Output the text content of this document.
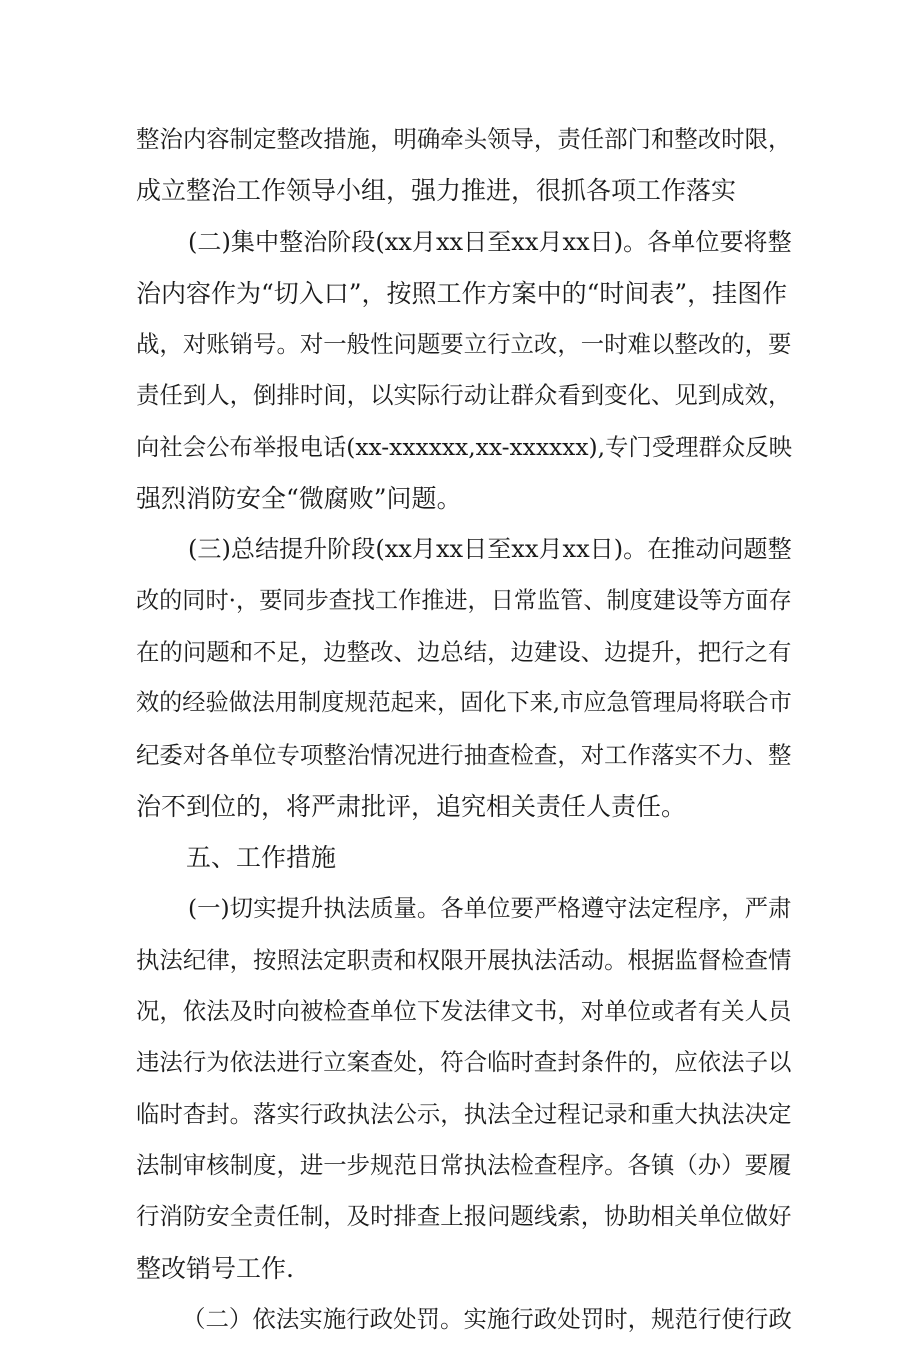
整治内容制定整改措施，明确牵头领导，责任部门和整改时限，
成立整治工作领导小组，强力推进，很抓各项工作落实
(二)集中整治阶段(xx月xx日至xx月xx日)。各单位要将整
治内容作为“切入口”，按照工作方案中的“时间表”，挂图作
战，对账销号。对一般性问题要立行立改，一时难以整改的，要
责任到人，倒排时间，以实际行动让群众看到变化、见到成效，
向社会公布举报电话(xx-xxxxxx,xx-xxxxxx),专门受理群众反映
强烈消防安全“微腐败”问题。
(三)总结提升阶段(xx月xx日至xx月xx日)。在推动问题整
改的同时·，要同步查找工作推进，日常监管、制度建设等方面存
在的问题和不足，边整改、边总结，边建设、边提升，把行之有
效的经验做法用制度规范起来，固化下来,市应急管理局将联合市
纪委对各单位专项整治情况进行抽查检查，对工作落实不力、整
治不到位的，将严肃批评，追究相关责任人责任。
五、工作措施
(一)切实提升执法质量。各单位要严格遵守法定程序，严肃
执法纪律，按照法定职责和权限开展执法活动。根据监督检查情
况，依法及时向被检查单位下发法律文书，对单位或者有关人员
违法行为依法进行立案查处，符合临时查封条件的，应依法子以
临时杳封。落实行政执法公示，执法全过程记录和重大执法决定
法制审核制度，进一步规范日常执法检查程序。各镇（办）要履
行消防安全责任制，及时排查上报问题线索，协助相关单位做好
整改销号工作.
（二）依法实施行政处罚。实施行政处罚时，规范行使行政
